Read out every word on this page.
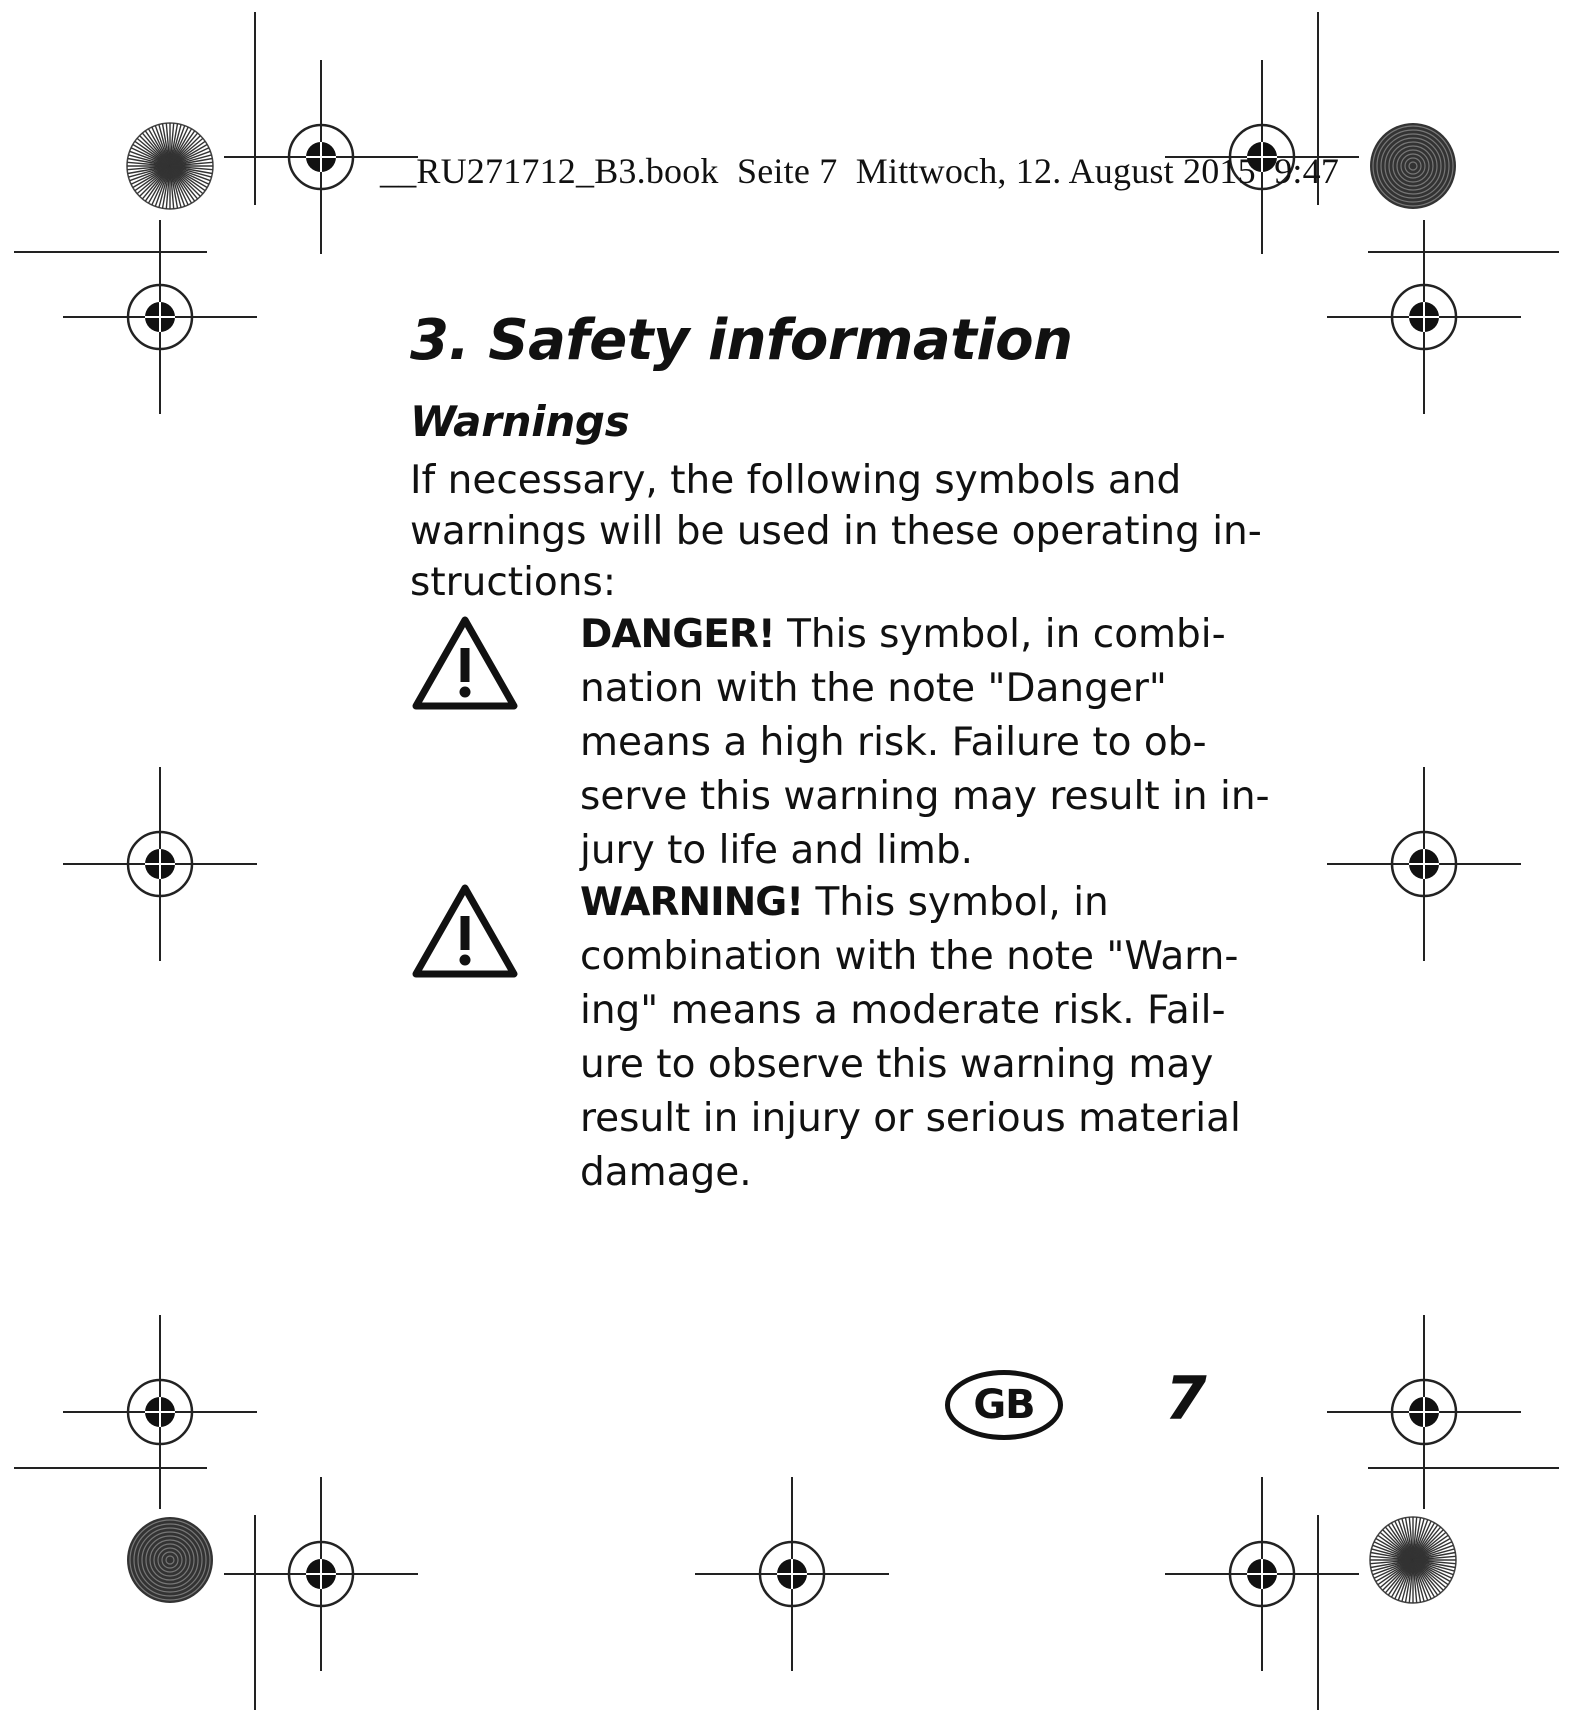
__RU271712_B3.book  Seite 7  Mittwoch, 12. August 2015  9:47
3. Safety information
Warnings

If necessary, the following symbols and
warnings will be used in these operating in-
structions:

DANGER! This symbol, in combi-
nation with the note "Danger"
means a high risk. Failure to ob-
serve this warning may result in in-
jury to life and limb.
WARNING! This symbol, in
combination with the note "Warn-
ing" means a moderate risk. Fail-
ure to observe this warning may
result in injury or serious material
damage.
GB	7
